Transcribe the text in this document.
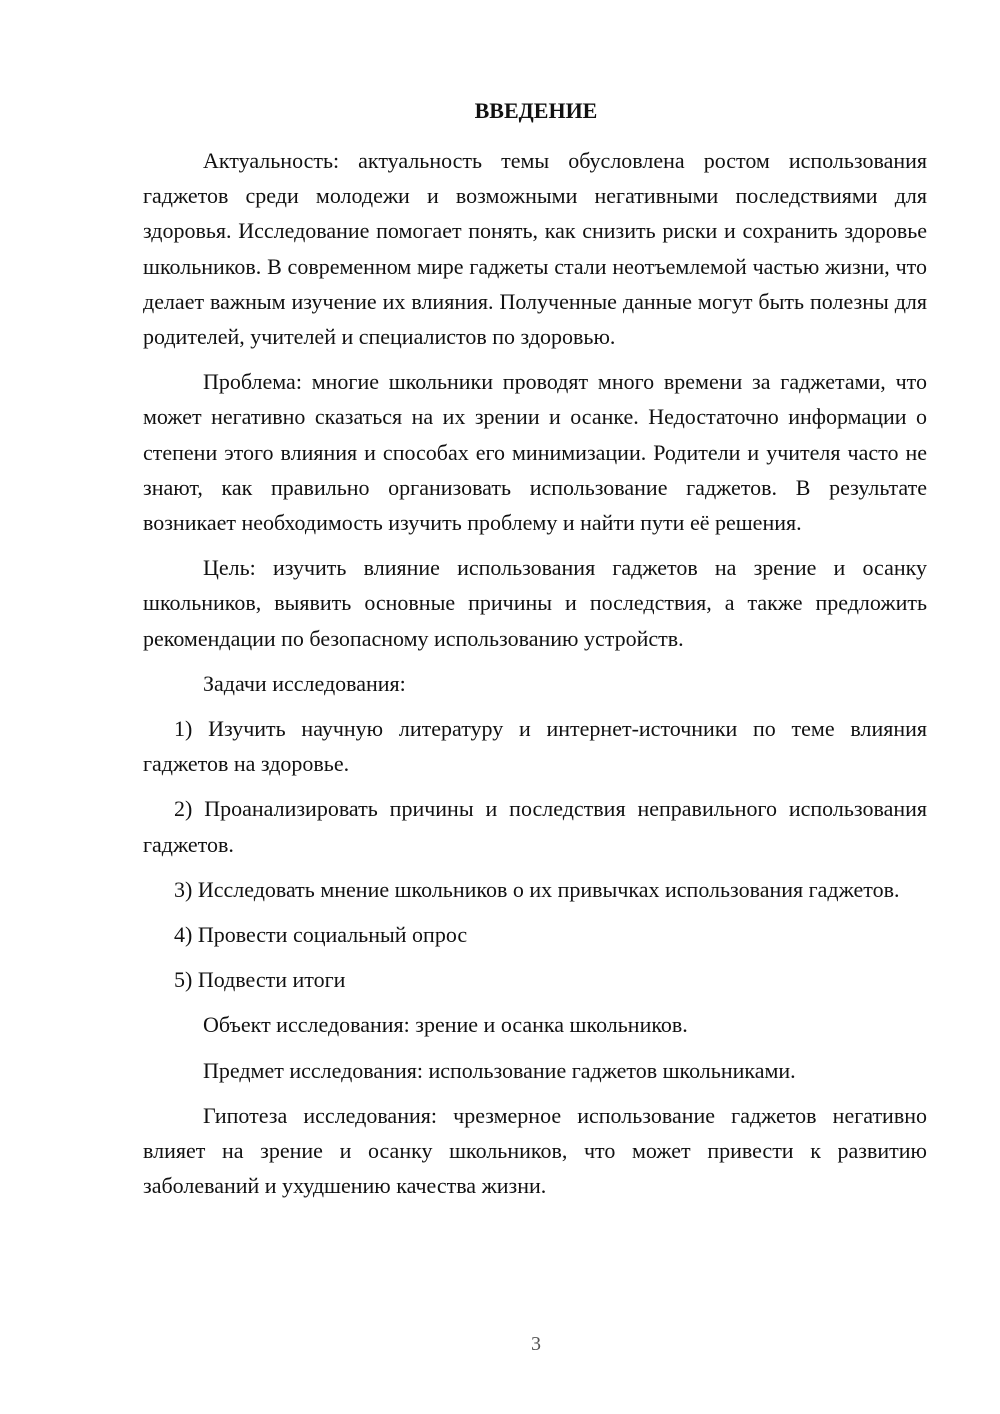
ВВЕДЕНИЕ

Актуальность: актуальность темы обусловлена ростом использования гаджетов среди молодежи и возможными негативными последствиями для здоровья. Исследование помогает понять, как снизить риски и сохранить здоровье школьников. В современном мире гаджеты стали неотъемлемой частью жизни, что делает важным изучение их влияния. Полученные данные могут быть полезны для родителей, учителей и специалистов по здоровью.

Проблема: многие школьники проводят много времени за гаджетами, что может негативно сказаться на их зрении и осанке. Недостаточно информации о степени этого влияния и способах его минимизации. Родители и учителя часто не знают, как правильно организовать использование гаджетов. В результате возникает необходимость изучить проблему и найти пути её решения.

Цель: изучить влияние использования гаджетов на зрение и осанку школьников, выявить основные причины и последствия, а также предложить рекомендации по безопасному использованию устройств.

Задачи исследования:

1) Изучить научную литературу и интернет-источники по теме влияния гаджетов на здоровье.

2) Проанализировать причины и последствия неправильного использования гаджетов.

3) Исследовать мнение школьников о их привычках использования гаджетов.

4) Провести социальный опрос

5) Подвести итоги

Объект исследования: зрение и осанка школьников.

Предмет исследования: использование гаджетов школьниками.

Гипотеза исследования: чрезмерное использование гаджетов негативно влияет на зрение и осанку школьников, что может привести к развитию заболеваний и ухудшению качества жизни.

3
